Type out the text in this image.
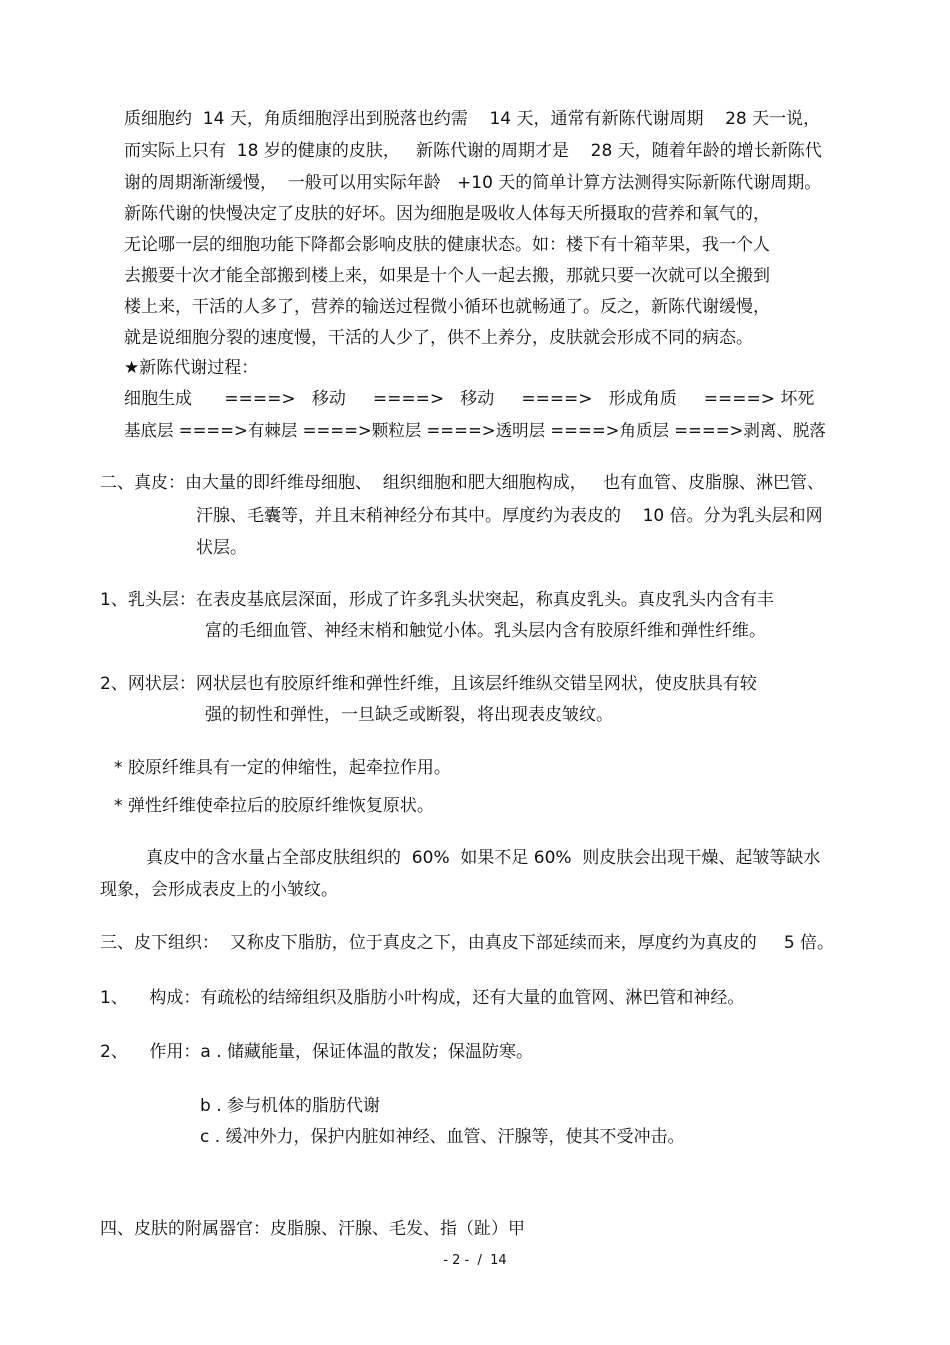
质细胞约  14 天，角质细胞浮出到脱落也约需    14 天，通常有新陈代谢周期    28 天一说，
而实际上只有  18 岁的健康的皮肤，   新陈代谢的周期才是    28 天，随着年龄的增长新陈代
谢的周期渐渐缓慢，  一般可以用实际年龄   +10 天的简单计算方法测得实际新陈代谢周期。
新陈代谢的快慢决定了皮肤的好坏。因为细胞是吸收人体每天所摄取的营养和氧气的，
无论哪一层的细胞功能下降都会影响皮肤的健康状态。如：楼下有十箱苹果，我一个人
去搬要十次才能全部搬到楼上来，如果是十个人一起去搬，那就只要一次就可以全搬到
楼上来，干活的人多了，营养的输送过程微小循环也就畅通了。反之，新陈代谢缓慢，
就是说细胞分裂的速度慢，干活的人少了，供不上养分，皮肤就会形成不同的病态。
★新陈代谢过程：
细胞生成      ====>   移动     ====>   移动     ====>   形成角质     ====> 坏死
基底层 ====>有棘层 ====>颗粒层 ====>透明层 ====>角质层 ====>剥离、脱落
二、真皮：由大量的即纤维母细胞、  组织细胞和肥大细胞构成，   也有血管、皮脂腺、淋巴管、
汗腺、毛囊等，并且末稍神经分布其中。厚度约为表皮的    10 倍。分为乳头层和网
状层。
1、乳头层：在表皮基底层深面，形成了许多乳头状突起，称真皮乳头。真皮乳头内含有丰
富的毛细血管、神经末梢和触觉小体。乳头层内含有胶原纤维和弹性纤维。
2、网状层：网状层也有胶原纤维和弹性纤维，且该层纤维纵交错呈网状，使皮肤具有较
强的韧性和弹性，一旦缺乏或断裂，将出现表皮皱纹。
* 胶原纤维具有一定的伸缩性，起牵拉作用。
* 弹性纤维使牵拉后的胶原纤维恢复原状。
真皮中的含水量占全部皮肤组织的  60%  如果不足 60%  则皮肤会出现干燥、起皱等缺水
现象，会形成表皮上的小皱纹。
三、皮下组织：  又称皮下脂肪，位于真皮之下，由真皮下部延续而来，厚度约为真皮的     5 倍。
1、    构成：有疏松的结缔组织及脂肪小叶构成，还有大量的血管网、淋巴管和神经。
2、    作用：a . 储藏能量，保证体温的散发；保温防寒。
b . 参与机体的脂肪代谢
c . 缓冲外力，保护内脏如神经、血管、汗腺等，使其不受冲击。
四、皮肤的附属器官：皮脂腺、汗腺、毛发、指（趾）甲
- 2 -  /  14
